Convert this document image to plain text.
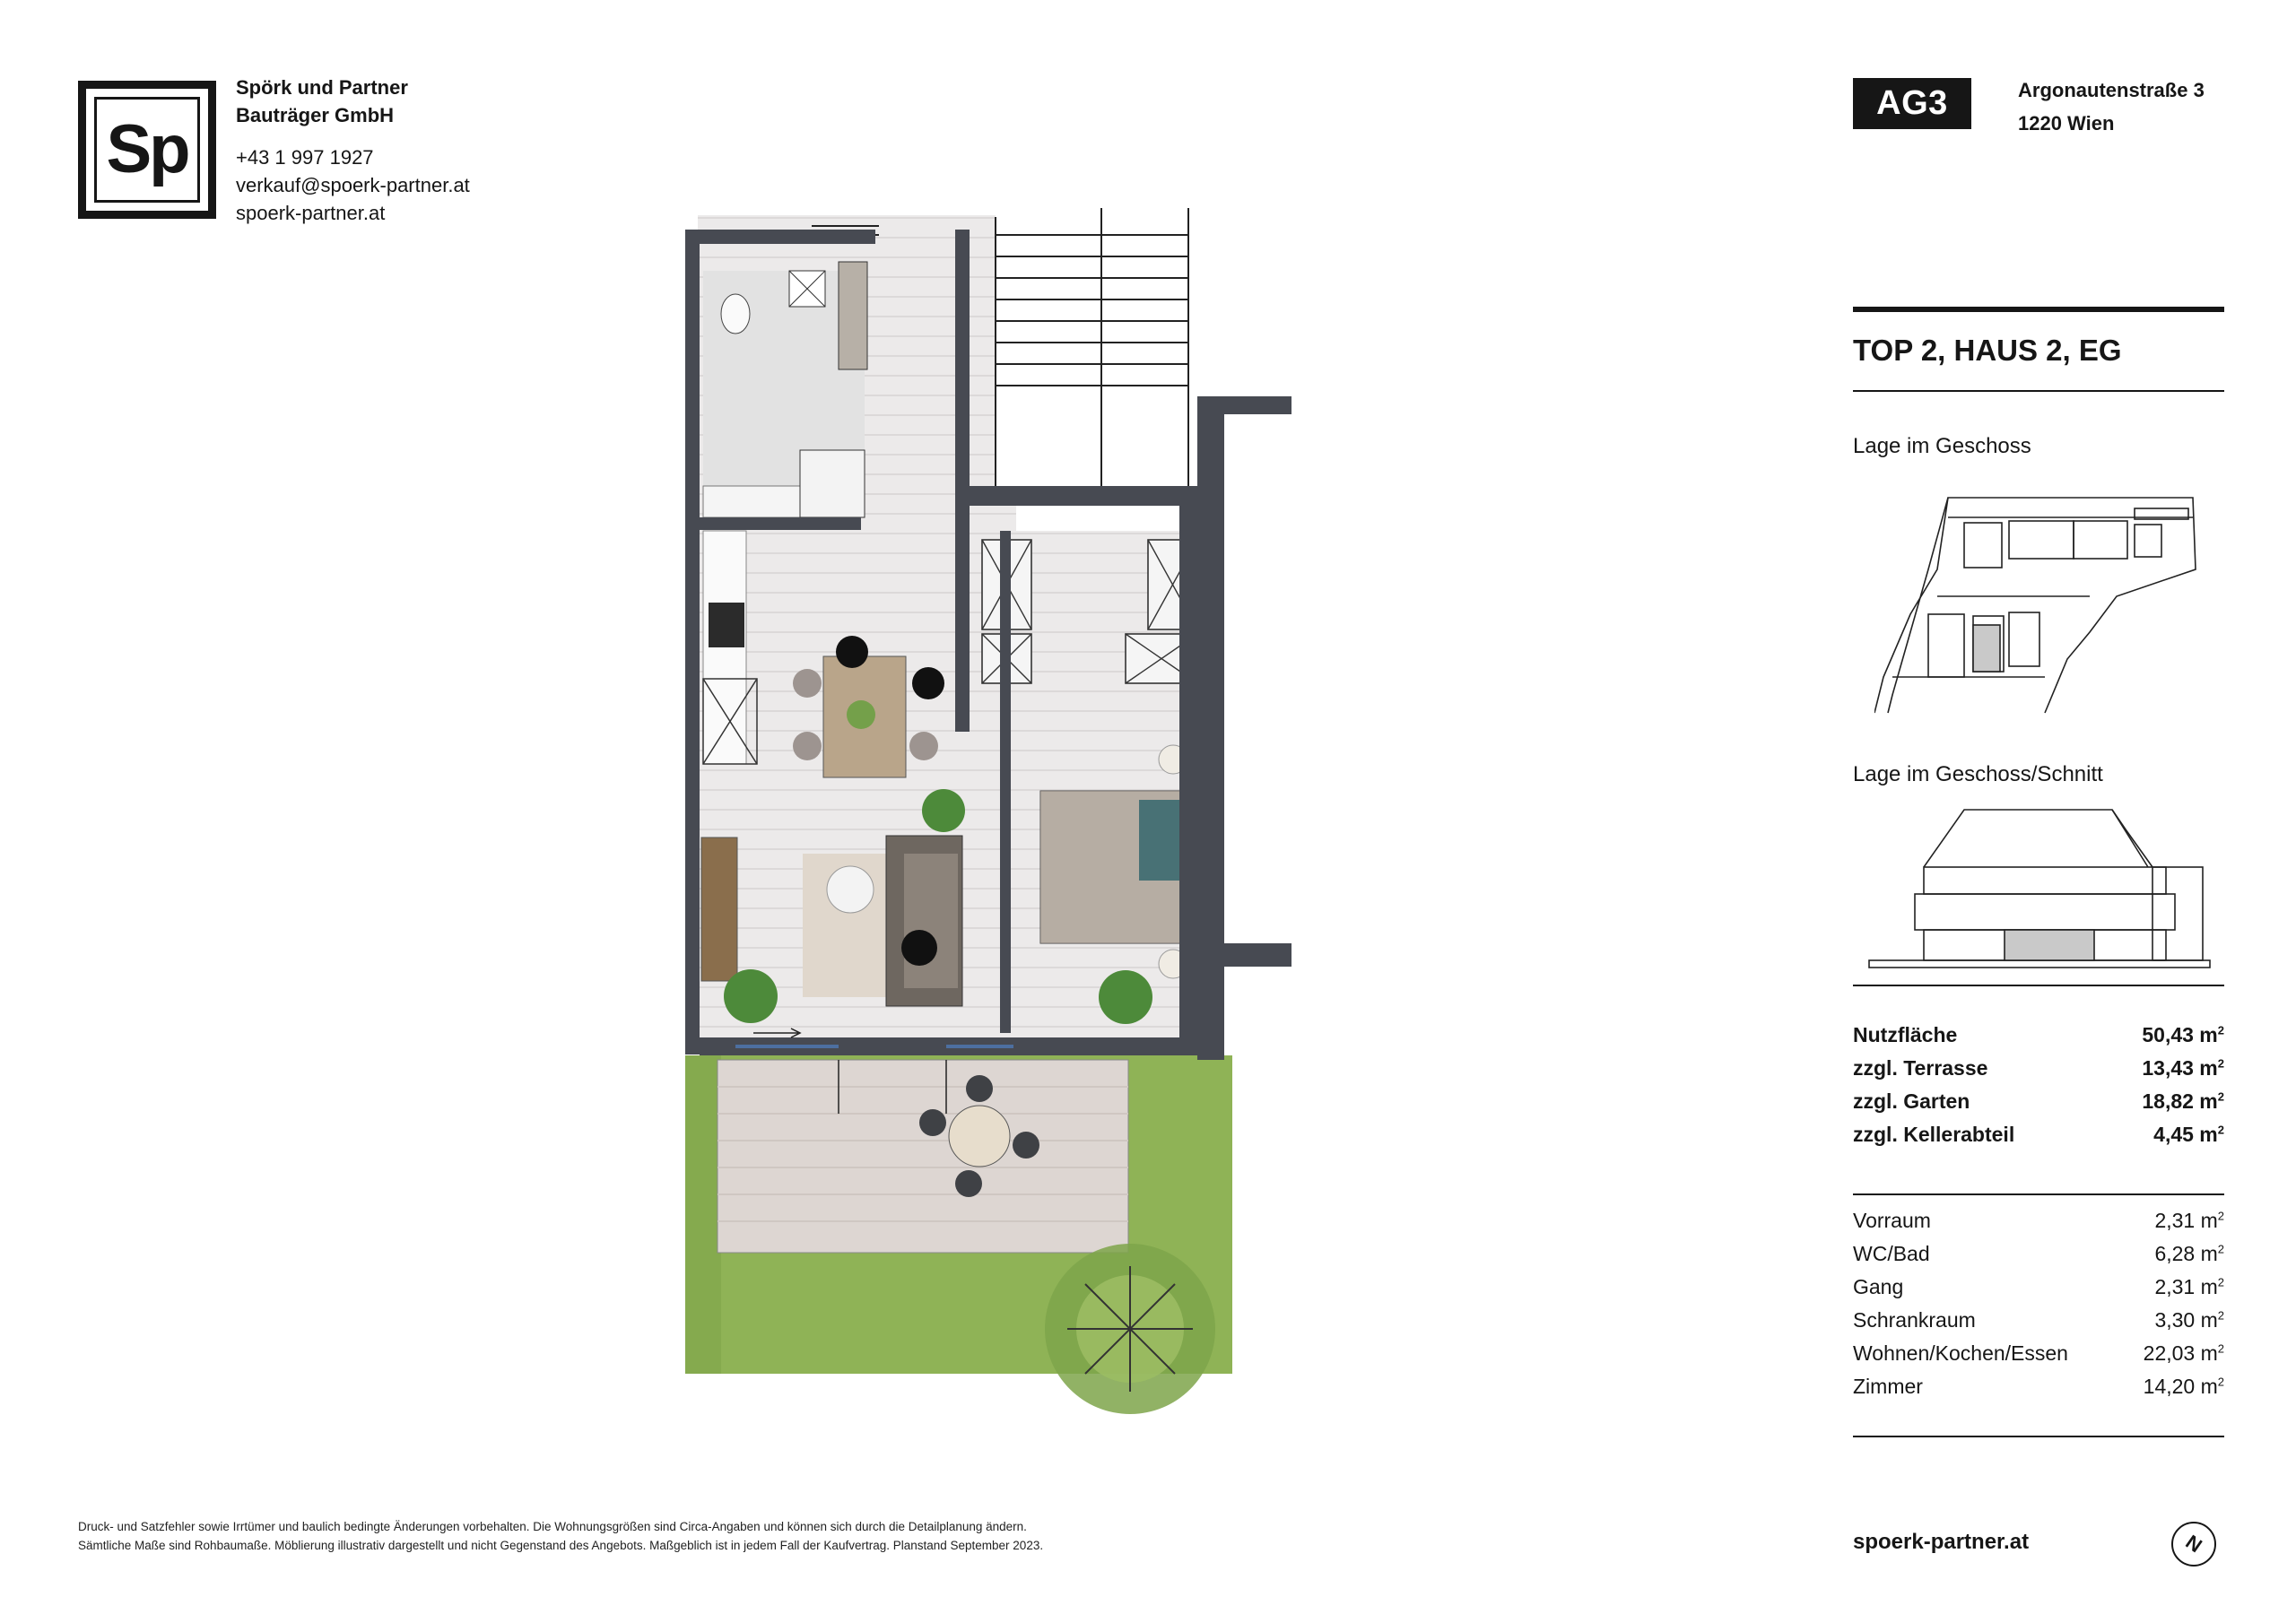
Sp
Spörk und Partner
Bauträger GmbH
+43 1 997 1927
verkauf@spoerk-partner.at
spoerk-partner.at
AG3	Argonautenstraße 3
1220 Wien
TOP 2, HAUS 2, EG
Lage im Geschoss
Lage im Geschoss/Schnitt
Nutzfläche	50,43 $m^2$
zzgl. Terrasse	13,43 $m^2$
zzgl. Garten	18,82 $m^2$
zzgl. Kellerabteil	4,45 $m^2$
Vorraum	2,31 $m^2$
WC/Bad	6,28 $m^2$
Gang	2,31 $m^2$
Schrankraum	3,30 $m^2$
Wohnen/Kochen/Essen	22,03 $m^2$
Zimmer	14,20 $m^2$
Druck- und Satzfehler sowie Irrtümer und baulich bedingte Änderungen vorbehalten. Die Wohnungsgrößen sind Circa-Angaben und können sich durch die Detailplanung ändern.
Sämtliche Maße sind Rohbaumaße. Möblierung illustrativ dargestellt und nicht Gegenstand des Angebots. Maßgeblich ist in jedem Fall der Kaufvertrag. Planstand September 2023.	spoerk-partner.at	N
